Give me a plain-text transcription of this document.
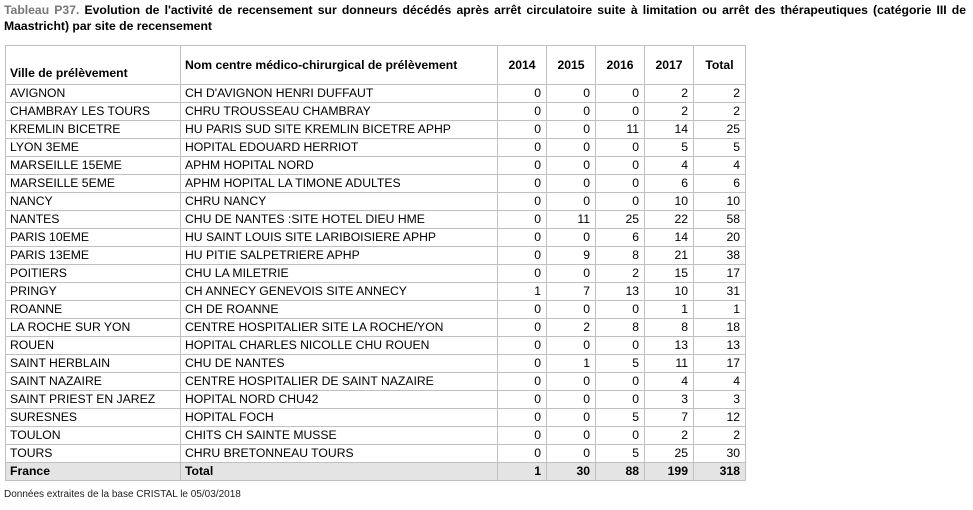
Tableau P37. Evolution de l'activité de recensement sur donneurs décédés après arrêt circulatoire suite à limitation ou arrêt des thérapeutiques (catégorie III de Maastricht) par site de recensement
Ville de prélèvement	Nom centre médico-chirurgical de prélèvement	2014	2015	2016	2017	Total
AVIGNON	CH D'AVIGNON HENRI DUFFAUT	0	0	0	2	2
CHAMBRAY LES TOURS	CHRU TROUSSEAU CHAMBRAY	0	0	0	2	2
KREMLIN BICETRE	HU PARIS SUD SITE KREMLIN BICETRE APHP	0	0	11	14	25
LYON 3EME	HOPITAL EDOUARD HERRIOT	0	0	0	5	5
MARSEILLE 15EME	APHM HOPITAL NORD	0	0	0	4	4
MARSEILLE 5EME	APHM HOPITAL LA TIMONE ADULTES	0	0	0	6	6
NANCY	CHRU NANCY	0	0	0	10	10
NANTES	CHU DE NANTES :SITE HOTEL DIEU HME	0	11	25	22	58
PARIS 10EME	HU SAINT LOUIS SITE LARIBOISIERE APHP	0	0	6	14	20
PARIS 13EME	HU PITIE SALPETRIERE APHP	0	9	8	21	38
POITIERS	CHU LA MILETRIE	0	0	2	15	17
PRINGY	CH ANNECY GENEVOIS SITE ANNECY	1	7	13	10	31
ROANNE	CH DE ROANNE	0	0	0	1	1
LA ROCHE SUR YON	CENTRE HOSPITALIER SITE LA ROCHE/YON	0	2	8	8	18
ROUEN	HOPITAL CHARLES NICOLLE CHU ROUEN	0	0	0	13	13
SAINT HERBLAIN	CHU DE NANTES	0	1	5	11	17
SAINT NAZAIRE	CENTRE HOSPITALIER DE SAINT NAZAIRE	0	0	0	4	4
SAINT PRIEST EN JAREZ	HOPITAL NORD CHU42	0	0	0	3	3
SURESNES	HOPITAL FOCH	0	0	5	7	12
TOULON	CHITS CH SAINTE MUSSE	0	0	0	2	2
TOURS	CHRU BRETONNEAU TOURS	0	0	5	25	30
France	Total	1	30	88	199	318
Données extraites de la base CRISTAL le 05/03/2018
